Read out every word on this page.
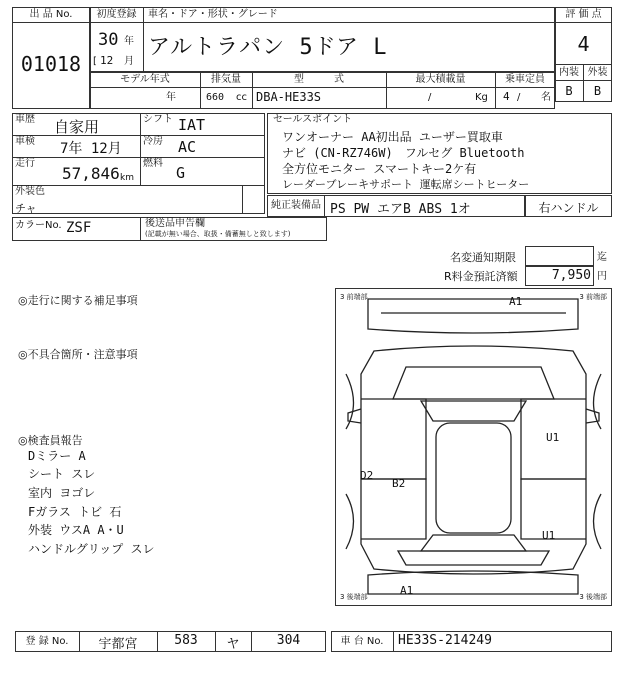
出 品 No.
01018
初度登録	車名・ドア・形状・グレード
30 年
[ 12 月
アルトラパン 5ドア L
評 価 点
4
内装 外装
B	B
モデル年式	排気量	型　　　式	最大積載量	乗車定員
年	660 cc DBA-HE33S	/	Kg 4 / 名
車歴 自家用	シフト IAT
車検 7年 12月 冷房 AC
走行
57,846 km
燃料
G
外装色
チャ
カラーNo. ZSF	後送品申告欄
(記載が無い場合、取扱・備蓄無しと致します)
セールスポイント
ワンオーナー AA初出品 ユーザー買取車
ナビ (CN-RZ746W)　フルセグ Bluetooth
全方位モニター スマートキー2ケ有
レーダーブレーキサポート 運転席シートヒーター
純正装備品 PS PW エアB ABS 1オ	右ハンドル
名変通知期限	迄
R料金預託済額	7,950 円
◎走行に関する補足事項
◎不具合箇所・注意事項
◎検査員報告
Dミラー A
シート スレ
室内 ヨゴレ
Fガラス トビ 石
外装 ウスA A・U
ハンドルグリップ スレ
3 前端部	3 前端部
3 後端部	3 後端部
A1
U1
D2
B2
U1
A1
登 録 No.	宇都宮	583	ヤ	304	車 台 No.	HE33S-214249
